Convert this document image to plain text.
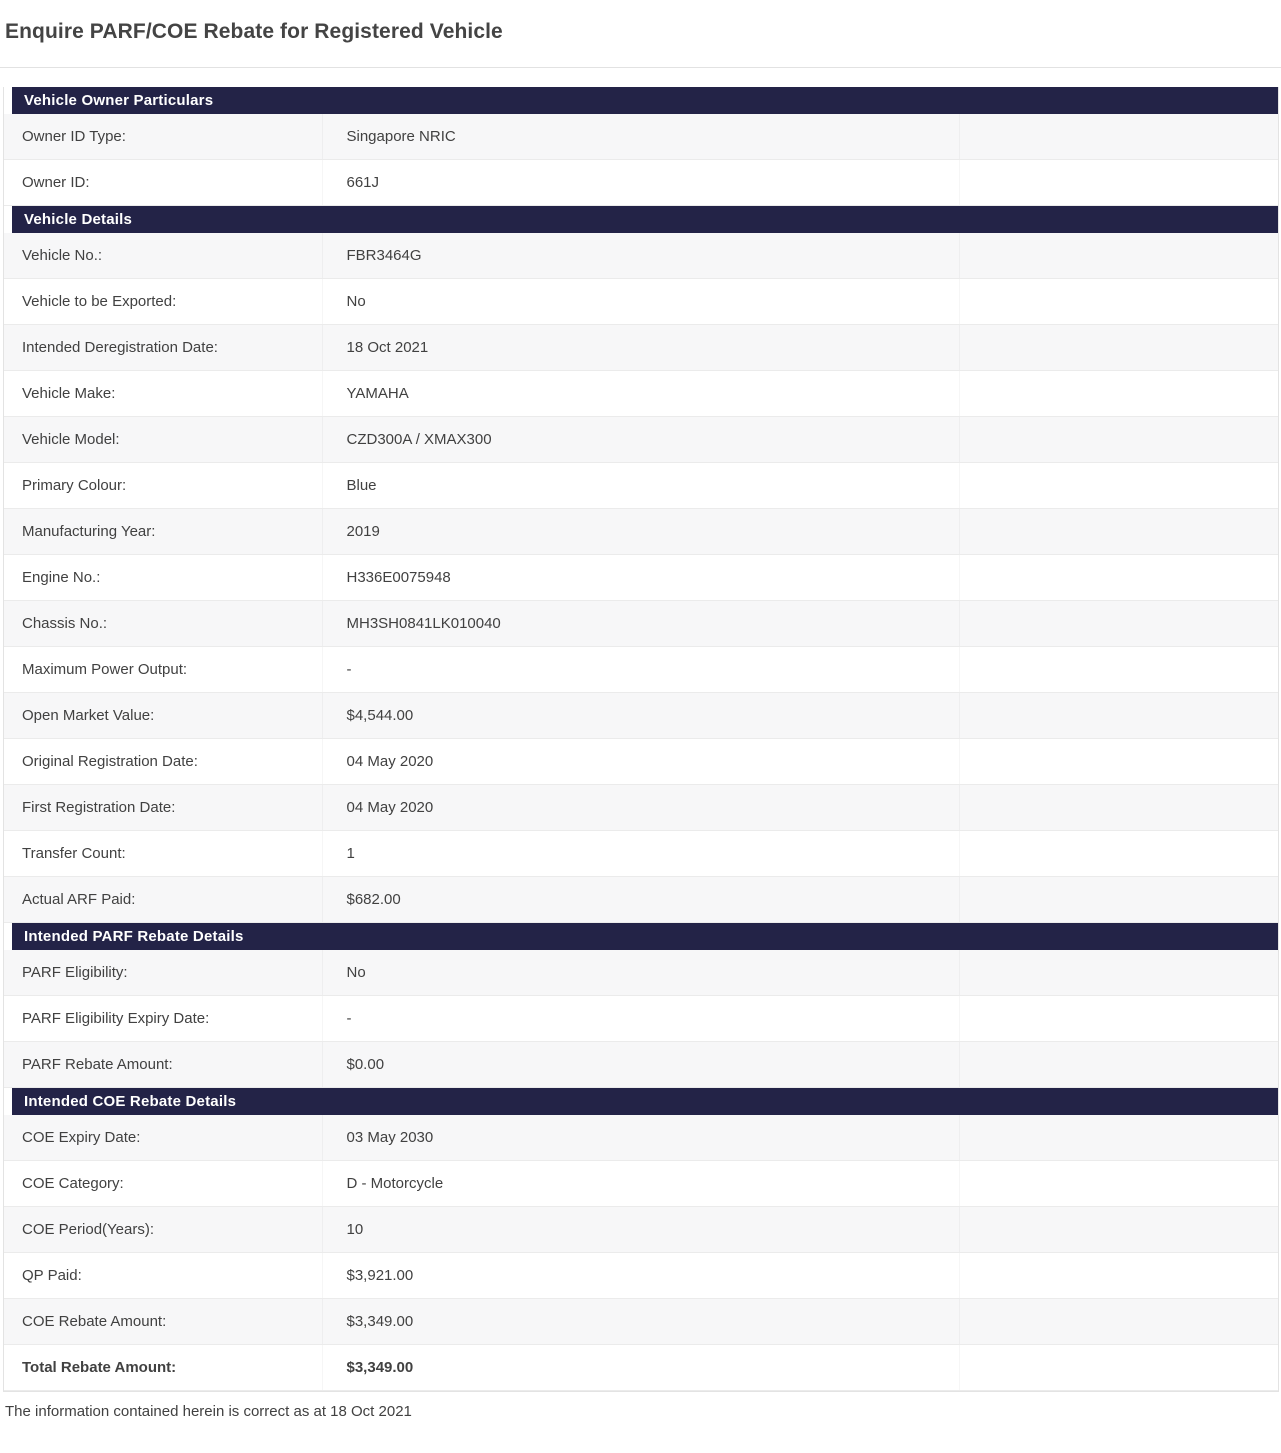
Enquire PARF/COE Rebate for Registered Vehicle
Vehicle Owner Particulars
Owner ID Type:	Singapore NRIC
Owner ID:	661J
Vehicle Details
Vehicle No.:	FBR3464G
Vehicle to be Exported:	No
Intended Deregistration Date:	18 Oct 2021
Vehicle Make:	YAMAHA
Vehicle Model:	CZD300A / XMAX300
Primary Colour:	Blue
Manufacturing Year:	2019
Engine No.:	H336E0075948
Chassis No.:	MH3SH0841LK010040
Maximum Power Output:	-
Open Market Value:	$4,544.00
Original Registration Date:	04 May 2020
First Registration Date:	04 May 2020
Transfer Count:	1
Actual ARF Paid:	$682.00
Intended PARF Rebate Details
PARF Eligibility:	No
PARF Eligibility Expiry Date:	-
PARF Rebate Amount:	$0.00
Intended COE Rebate Details
COE Expiry Date:	03 May 2030
COE Category:	D - Motorcycle
COE Period(Years):	10
QP Paid:	$3,921.00
COE Rebate Amount:	$3,349.00
Total Rebate Amount:	$3,349.00
The information contained herein is correct as at 18 Oct 2021
